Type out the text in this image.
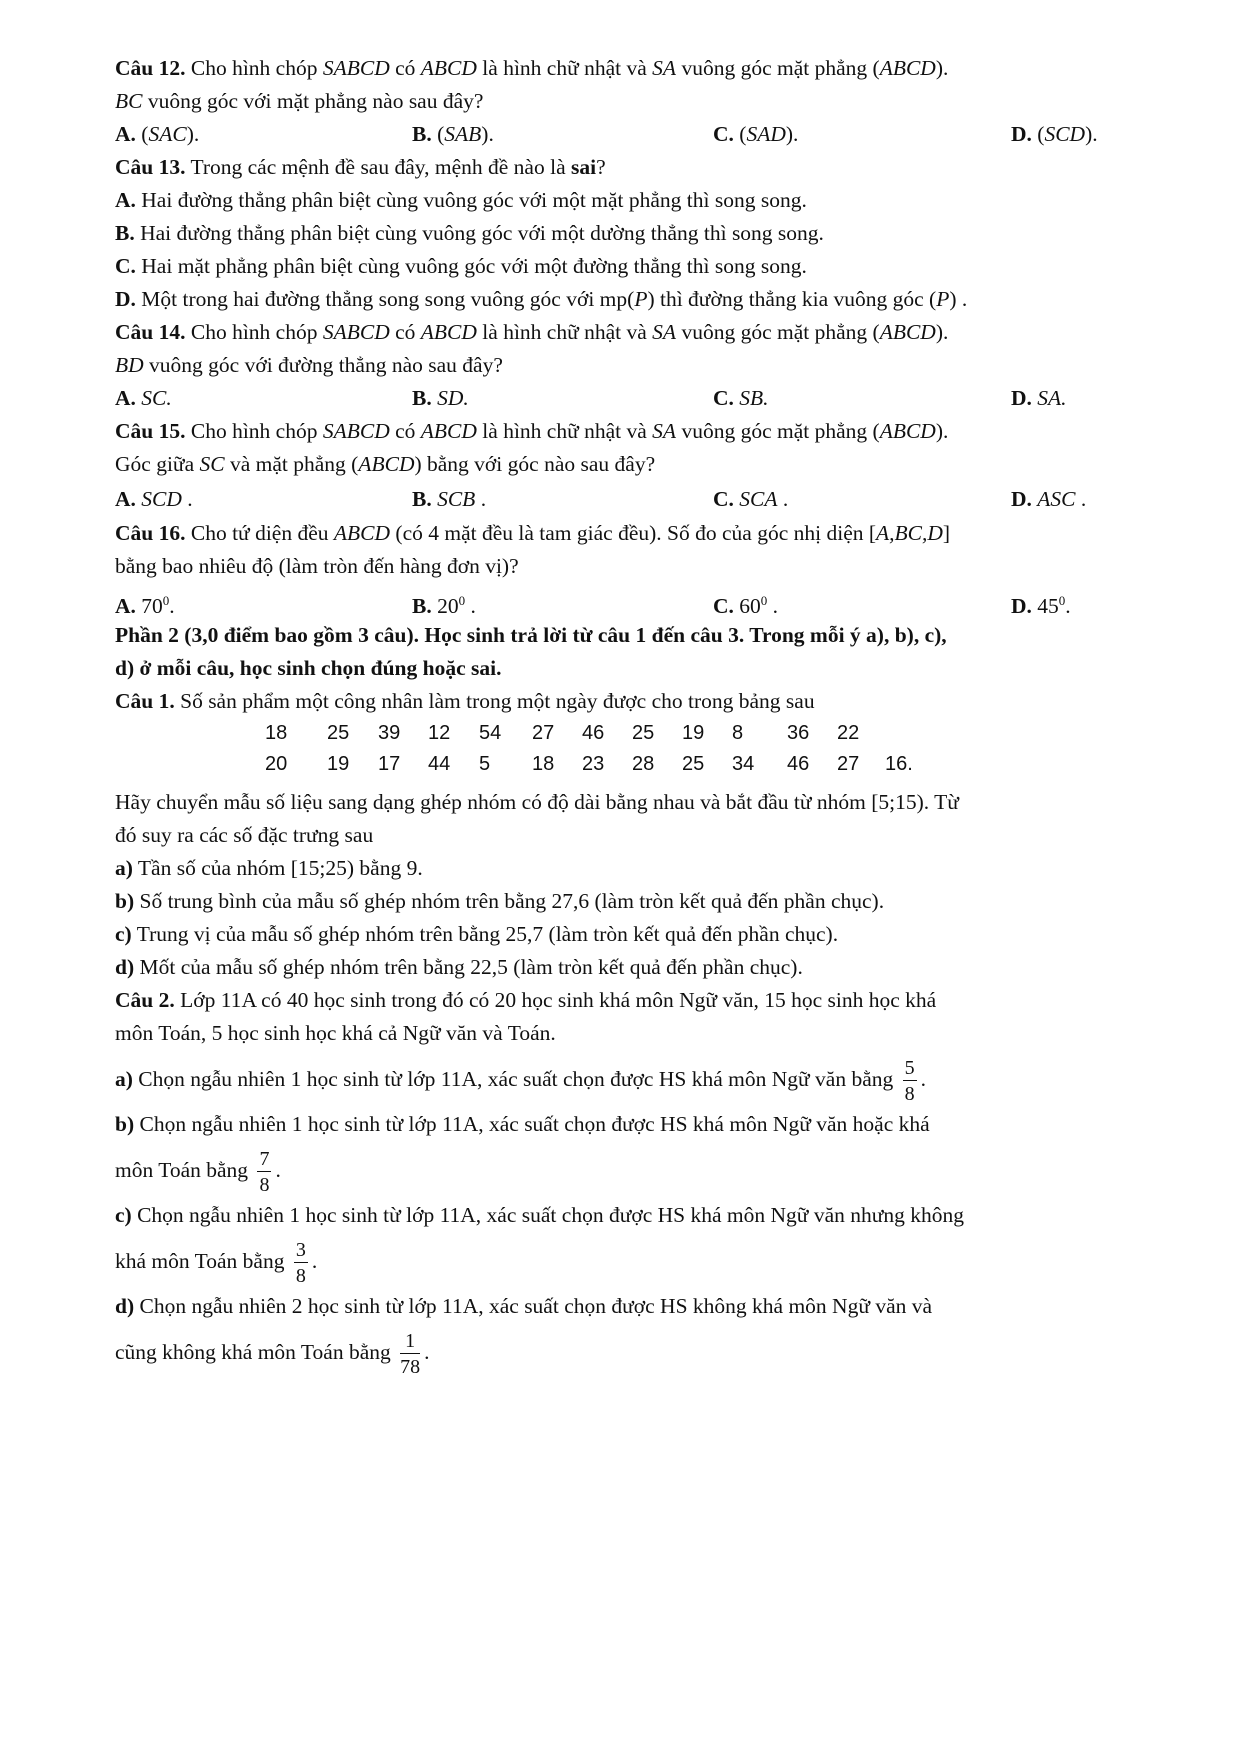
Câu 12. Cho hình chóp SABCD có ABCD là hình chữ nhật và SA vuông góc mặt phẳng (ABCD).
BC vuông góc với mặt phẳng nào sau đây?
A. (SAC).	B. (SAB).	C. (SAD).	D. (SCD).
Câu 13. Trong các mệnh đề sau đây, mệnh đề nào là sai?
A. Hai đường thẳng phân biệt cùng vuông góc với một mặt phẳng thì song song.
B. Hai đường thẳng phân biệt cùng vuông góc với một dường thẳng thì song song.
C. Hai mặt phẳng phân biệt cùng vuông góc với một đường thẳng thì song song.
D. Một trong hai đường thẳng song song vuông góc với mp(P) thì đường thẳng kia vuông góc (P) .
Câu 14. Cho hình chóp SABCD có ABCD là hình chữ nhật và SA vuông góc mặt phẳng (ABCD).
BD vuông góc với đường thẳng nào sau đây?
A. SC.	B. SD.	C. SB.	D. SA.
Câu 15. Cho hình chóp SABCD có ABCD là hình chữ nhật và SA vuông góc mặt phẳng (ABCD).
Góc giữa SC và mặt phẳng (ABCD) bằng với góc nào sau đây?
A. SCD .	B. SCB .	C. SCA .	D. ASC .
Câu 16. Cho tứ diện đều ABCD (có 4 mặt đều là tam giác đều). Số đo của góc nhị diện [A,BC,D]
bằng bao nhiêu độ (làm tròn đến hàng đơn vị)?
A. $70^0$.	B. $20^0$ .	C. $60^0$ .	D. $45^0$.
Phần 2 (3,0 điểm bao gồm 3 câu). Học sinh trả lời từ câu 1 đến câu 3. Trong mỗi ý a), b), c),
d) ở mỗi câu, học sinh chọn đúng hoặc sai.
Câu 1. Số sản phẩm một công nhân làm trong một ngày được cho trong bảng sau
18 25 39 12 54 27 46 25 19 8 36 22
20 19 17 44 5 18 23 28 25 34 46 27 16.
Hãy chuyển mẫu số liệu sang dạng ghép nhóm có độ dài bằng nhau và bắt đầu từ nhóm [5;15). Từ
đó suy ra các số đặc trưng sau
a) Tần số của nhóm [15;25) bằng 9.
b) Số trung bình của mẫu số ghép nhóm trên bằng 27,6 (làm tròn kết quả đến phần chục).
c) Trung vị của mẫu số ghép nhóm trên bằng 25,7 (làm tròn kết quả đến phần chục).
d) Mốt của mẫu số ghép nhóm trên bằng 22,5 (làm tròn kết quả đến phần chục).
Câu 2. Lớp 11A có 40 học sinh trong đó có 20 học sinh khá môn Ngữ văn, 15 học sinh học khá
môn Toán, 5 học sinh học khá cả Ngữ văn và Toán.
a) Chọn ngẫu nhiên 1 học sinh từ lớp 11A, xác suất chọn được HS khá môn Ngữ văn bằng $\frac{5}{8}$ .
b) Chọn ngẫu nhiên 1 học sinh từ lớp 11A, xác suất chọn được HS khá môn Ngữ văn hoặc khá
môn Toán bằng $\frac{7}{8}$ .
c) Chọn ngẫu nhiên 1 học sinh từ lớp 11A, xác suất chọn được HS khá môn Ngữ văn nhưng không
khá môn Toán bằng $\frac{3}{8}$ .
d) Chọn ngẫu nhiên 2 học sinh từ lớp 11A, xác suất chọn được HS không khá môn Ngữ văn và
cũng không khá môn Toán bằng $\frac{1}{78}$ .
